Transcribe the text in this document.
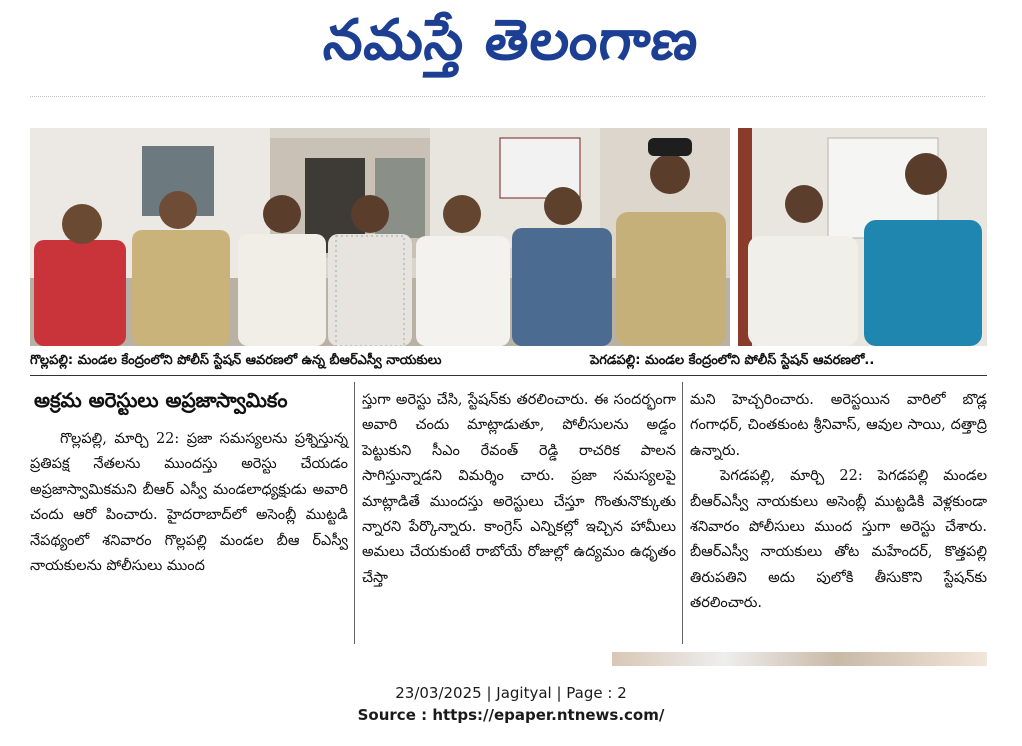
నమస్తే తెలంగాణ
గొల్లపల్లి: మండల కేంద్రంలోని పోలీస్ స్టేషన్ ఆవరణలో ఉన్న బీఆర్ఎస్వీ నాయకులు	పెగడపల్లి: మండల కేంద్రంలోని పోలీస్ స్టేషన్ ఆవరణలో..
అక్రమ అరెస్టులు అప్రజాస్వామికం

గొల్లపల్లి, మార్చి 22: ప్రజా సమస్యలను ప్రశ్నిస్తున్న ప్రతిపక్ష నేతలను ముందస్తు అరెస్టు చేయడం అప్రజాస్వామికమని బీఆర్ ఎస్వీ మండలాధ్యక్షుడు అవారి చందు ఆరో పించారు. హైదరాబాద్‌లో అసెంబ్లీ ముట్టడి నేపథ్యంలో శనివారం గొల్లపల్లి మండల బీఆ ర్ఎస్వీ నాయకులను పోలీసులు ముంద

స్తుగా అరెస్టు చేసి, స్టేషన్‌కు తరలించారు. ఈ సందర్భంగా అవారి చందు మాట్లాడుతూ, పోలీసులను అడ్డం పెట్టుకుని సీఎం రేవంత్ రెడ్డి రాచరిక పాలన సాగిస్తున్నాడని విమర్శిం చారు. ప్రజా సమస్యలపై మాట్లాడితే ముందస్తు అరెస్టులు చేస్తూ గొంతునొక్కుతు న్నారని పేర్కొన్నారు. కాంగ్రెస్ ఎన్నికల్లో ఇచ్చిన హామీలు అమలు చేయకుంటే రాబోయే రోజుల్లో ఉద్యమం ఉధృతం చేస్తా

మని హెచ్చరించారు. అరెస్టయిన వారిలో బొడ్ల గంగాధర్, చింతకుంట శ్రీనివాస్, ఆవుల సాయి, దత్తాద్రి ఉన్నారు.

పెగడపల్లి, మార్చి 22: పెగడపల్లి మండల బీఆర్ఎస్వీ నాయకులు అసెంబ్లీ ముట్టడికి వెళ్లకుండా శనివారం పోలీసులు ముంద స్తుగా అరెస్టు చేశారు. బీఆర్ఎస్వీ నాయకులు తోట మహేందర్, కొత్తపల్లి తిరుపతిని అదు పులోకి తీసుకొని స్టేషన్‌కు తరలించారు.

23/03/2025 | Jagityal | Page : 2
Source : https://epaper.ntnews.com/
